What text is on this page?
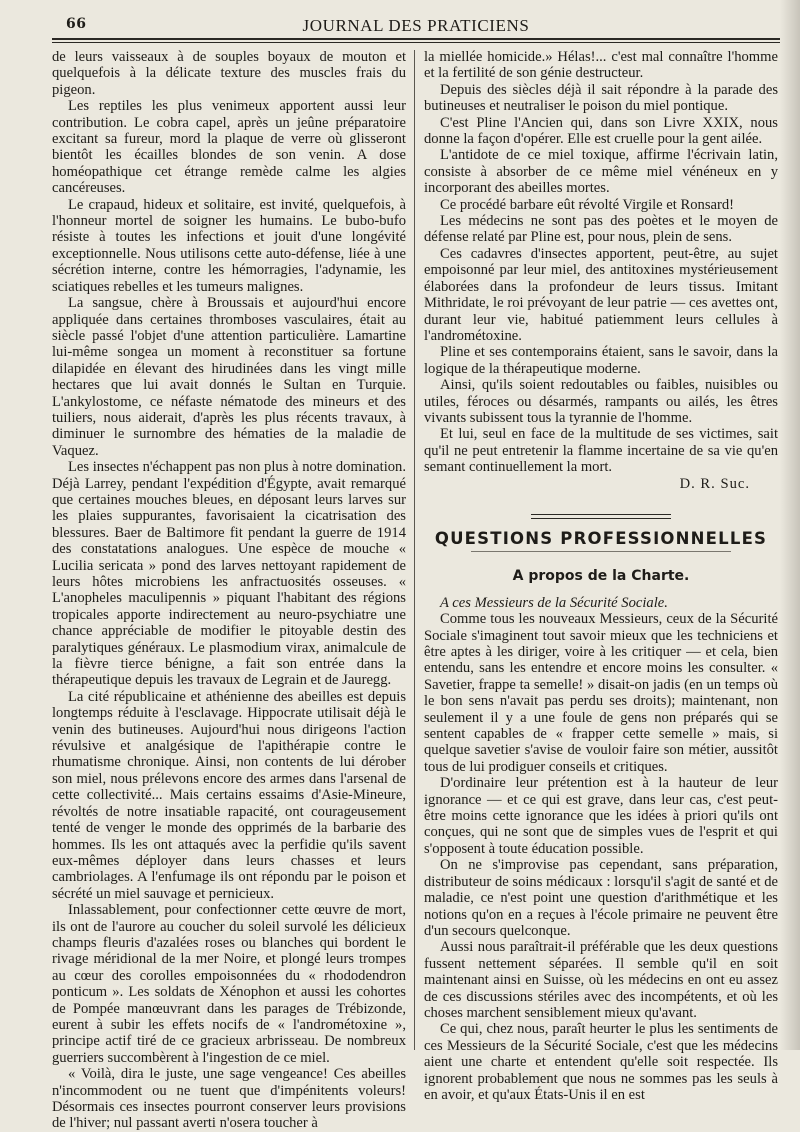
66	JOURNAL DES PRATICIENS

de leurs vaisseaux à de souples boyaux de mouton et quelquefois à la délicate texture des muscles frais du pigeon.

Les reptiles les plus venimeux apportent aussi leur contribution. Le cobra capel, après un jeûne préparatoire excitant sa fureur, mord la plaque de verre où glisseront bientôt les écailles blondes de son venin. A dose homéopathique cet étrange remède calme les algies cancéreuses.

Le crapaud, hideux et solitaire, est invité, quelquefois, à l'honneur mortel de soigner les humains. Le bubo-bufo résiste à toutes les infections et jouit d'une longévité exceptionnelle. Nous utilisons cette auto-défense, liée à une sécrétion interne, contre les hémorragies, l'adynamie, les sciatiques rebelles et les tumeurs malignes.

La sangsue, chère à Broussais et aujourd'hui encore appliquée dans certaines thromboses vasculaires, était au siècle passé l'objet d'une attention particulière. Lamartine lui-même songea un moment à reconstituer sa fortune dilapidée en élevant des hirudinées dans les vingt mille hectares que lui avait donnés le Sultan en Turquie. L'ankylostome, ce néfaste nématode des mineurs et des tuiliers, nous aiderait, d'après les plus récents travaux, à diminuer le surnombre des hématies de la maladie de Vaquez.

Les insectes n'échappent pas non plus à notre domination. Déjà Larrey, pendant l'expédition d'Égypte, avait remarqué que certaines mouches bleues, en déposant leurs larves sur les plaies suppurantes, favorisaient la cicatrisation des blessures. Baer de Baltimore fit pendant la guerre de 1914 des constatations analogues. Une espèce de mouche « Lucilia sericata » pond des larves nettoyant rapidement de leurs hôtes microbiens les anfractuosités osseuses. « L'anopheles maculipennis » piquant l'habitant des régions tropicales apporte indirectement au neuro-psychiatre une chance appréciable de modifier le pitoyable destin des paralytiques généraux. Le plasmodium virax, animalcule de la fièvre tierce bénigne, a fait son entrée dans la thérapeutique depuis les travaux de Legrain et de Jauregg.

La cité républicaine et athénienne des abeilles est depuis longtemps réduite à l'esclavage. Hippocrate utilisait déjà le venin des butineuses. Aujourd'hui nous dirigeons l'action révulsive et analgésique de l'apithérapie contre le rhumatisme chronique. Ainsi, non contents de lui dérober son miel, nous prélevons encore des armes dans l'arsenal de cette collectivité... Mais certains essaims d'Asie-Mineure, révoltés de notre insatiable rapacité, ont courageusement tenté de venger le monde des opprimés de la barbarie des hommes. Ils les ont attaqués avec la perfidie qu'ils savent eux-mêmes déployer dans leurs chasses et leurs cambriolages. A l'enfumage ils ont répondu par le poison et sécrété un miel sauvage et pernicieux.

Inlassablement, pour confectionner cette œuvre de mort, ils ont de l'aurore au coucher du soleil survolé les délicieux champs fleuris d'azalées roses ou blanches qui bordent le rivage méridional de la mer Noire, et plongé leurs trompes au cœur des corolles empoisonnées du « rhododendron ponticum ». Les soldats de Xénophon et aussi les cohortes de Pompée manœuvrant dans les parages de Trébizonde, eurent à subir les effets nocifs de « l'andrométoxine », principe actif tiré de ce gracieux arbrisseau. De nombreux guerriers succombèrent à l'ingestion de ce miel.

« Voilà, dira le juste, une sage vengeance! Ces abeilles n'incommodent ou ne tuent que d'impénitents voleurs! Désormais ces insectes pourront conserver leurs provisions de l'hiver; nul passant averti n'osera toucher à

la miellée homicide.» Hélas!... c'est mal connaître l'homme et la fertilité de son génie destructeur.

Depuis des siècles déjà il sait répondre à la parade des butineuses et neutraliser le poison du miel pontique.

C'est Pline l'Ancien qui, dans son Livre XXIX, nous donne la façon d'opérer. Elle est cruelle pour la gent ailée.

L'antidote de ce miel toxique, affirme l'écrivain latin, consiste à absorber de ce même miel vénéneux en y incorporant des abeilles mortes.

Ce procédé barbare eût révolté Virgile et Ronsard!

Les médecins ne sont pas des poètes et le moyen de défense relaté par Pline est, pour nous, plein de sens.

Ces cadavres d'insectes apportent, peut-être, au sujet empoisonné par leur miel, des antitoxines mystérieusement élaborées dans la profondeur de leurs tissus. Imitant Mithridate, le roi prévoyant de leur patrie — ces avettes ont, durant leur vie, habitué patiemment leurs cellules à l'andrométoxine.

Pline et ses contemporains étaient, sans le savoir, dans la logique de la thérapeutique moderne.

Ainsi, qu'ils soient redoutables ou faibles, nuisibles ou utiles, féroces ou désarmés, rampants ou ailés, les êtres vivants subissent tous la tyrannie de l'homme.

Et lui, seul en face de la multitude de ses victimes, sait qu'il ne peut entretenir la flamme incertaine de sa vie qu'en semant continuellement la mort.

D. R. Suc.

QUESTIONS PROFESSIONNELLES
A propos de la Charte.

A ces Messieurs de la Sécurité Sociale.

Comme tous les nouveaux Messieurs, ceux de la Sécurité Sociale s'imaginent tout savoir mieux que les techniciens et être aptes à les diriger, voire à les critiquer — et cela, bien entendu, sans les entendre et encore moins les consulter. « Savetier, frappe ta semelle! » disait-on jadis (en un temps où le bon sens n'avait pas perdu ses droits); maintenant, non seulement il y a une foule de gens non préparés qui se sentent capables de « frapper cette semelle » mais, si quelque savetier s'avise de vouloir faire son métier, aussitôt tous de lui prodiguer conseils et critiques.

D'ordinaire leur prétention est à la hauteur de leur ignorance — et ce qui est grave, dans leur cas, c'est peut-être moins cette ignorance que les idées à priori qu'ils ont conçues, qui ne sont que de simples vues de l'esprit et qui s'opposent à toute éducation possible.

On ne s'improvise pas cependant, sans préparation, distributeur de soins médicaux : lorsqu'il s'agit de santé et de maladie, ce n'est point une question d'arithmétique et les notions qu'on en a reçues à l'école primaire ne peuvent être d'un secours quelconque.

Aussi nous paraîtrait-il préférable que les deux questions fussent nettement séparées. Il semble qu'il en soit maintenant ainsi en Suisse, où les médecins en ont eu assez de ces discussions stériles avec des incompétents, et où les choses marchent sensiblement mieux qu'avant.

Ce qui, chez nous, paraît heurter le plus les sentiments de ces Messieurs de la Sécurité Sociale, c'est que les médecins aient une charte et entendent qu'elle soit respectée. Ils ignorent probablement que nous ne sommes pas les seuls à en avoir, et qu'aux États-Unis il en est
